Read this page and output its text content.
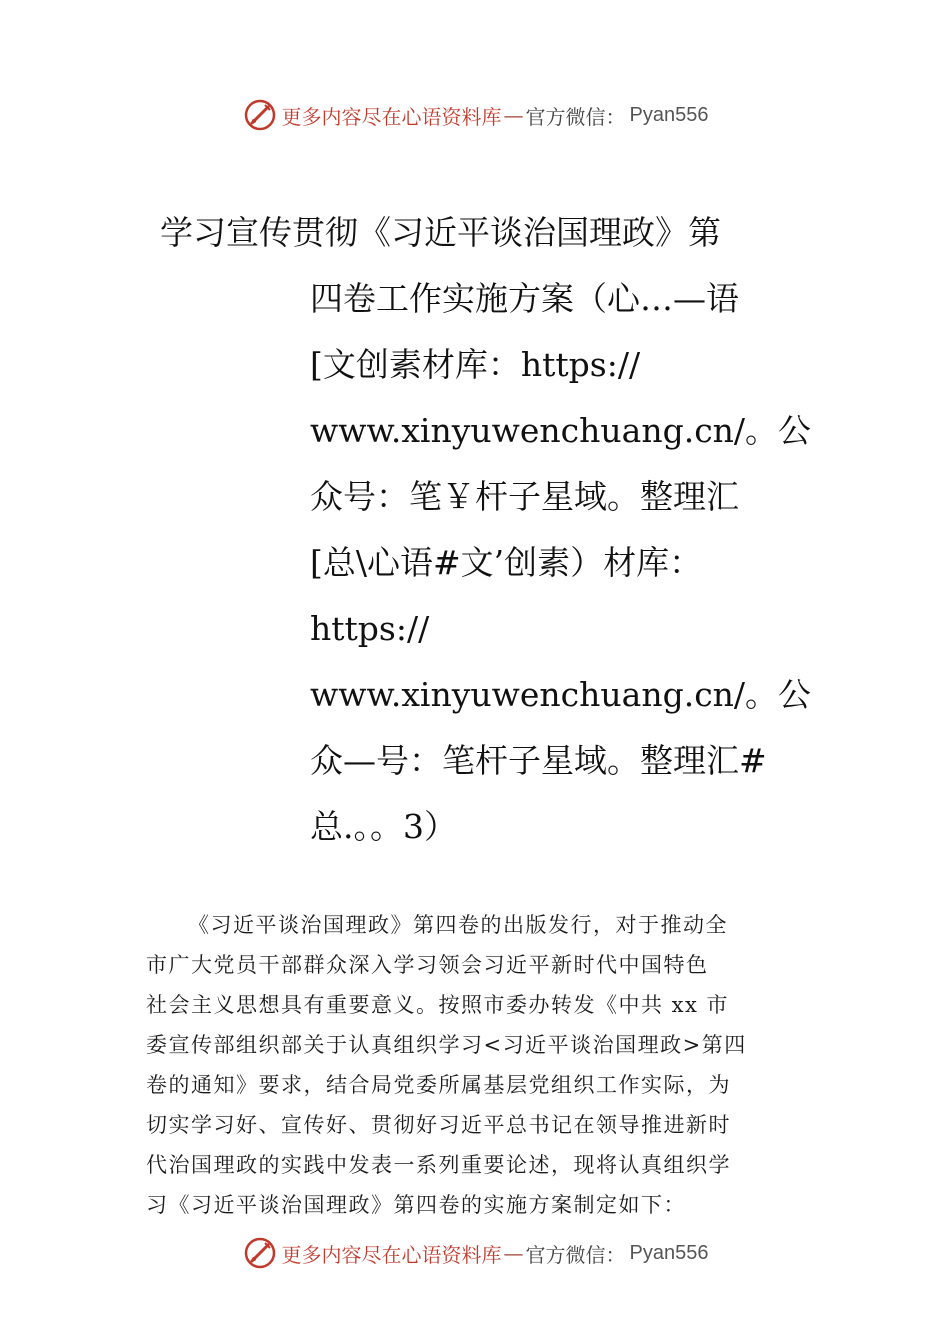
更多内容尽在心语资料库 — 官方微信： Pyan556
学习宣传贯彻《习近平谈治国理政》第
四卷工作实施方案（心…—语
[文创素材库：https://
www.xinyuwenchuang.cn/。公
众号：笔￥杆子星域。整理汇
[总\心语#文’创素）材库：
https://
www.xinyuwenchuang.cn/。公
众—号：笔杆子星域。整理汇#
总.。。3）
《习近平谈治国理政》第四卷的出版发行，对于推动全
市广大党员干部群众深入学习领会习近平新时代中国特色
社会主义思想具有重要意义。按照市委办转发《中共 xx 市
委宣传部组织部关于认真组织学习<习近平谈治国理政>第四
卷的通知》要求，结合局党委所属基层党组织工作实际，为
切实学习好、宣传好、贯彻好习近平总书记在领导推进新时
代治国理政的实践中发表一系列重要论述，现将认真组织学
习《习近平谈治国理政》第四卷的实施方案制定如下：
更多内容尽在心语资料库 — 官方微信： Pyan556
